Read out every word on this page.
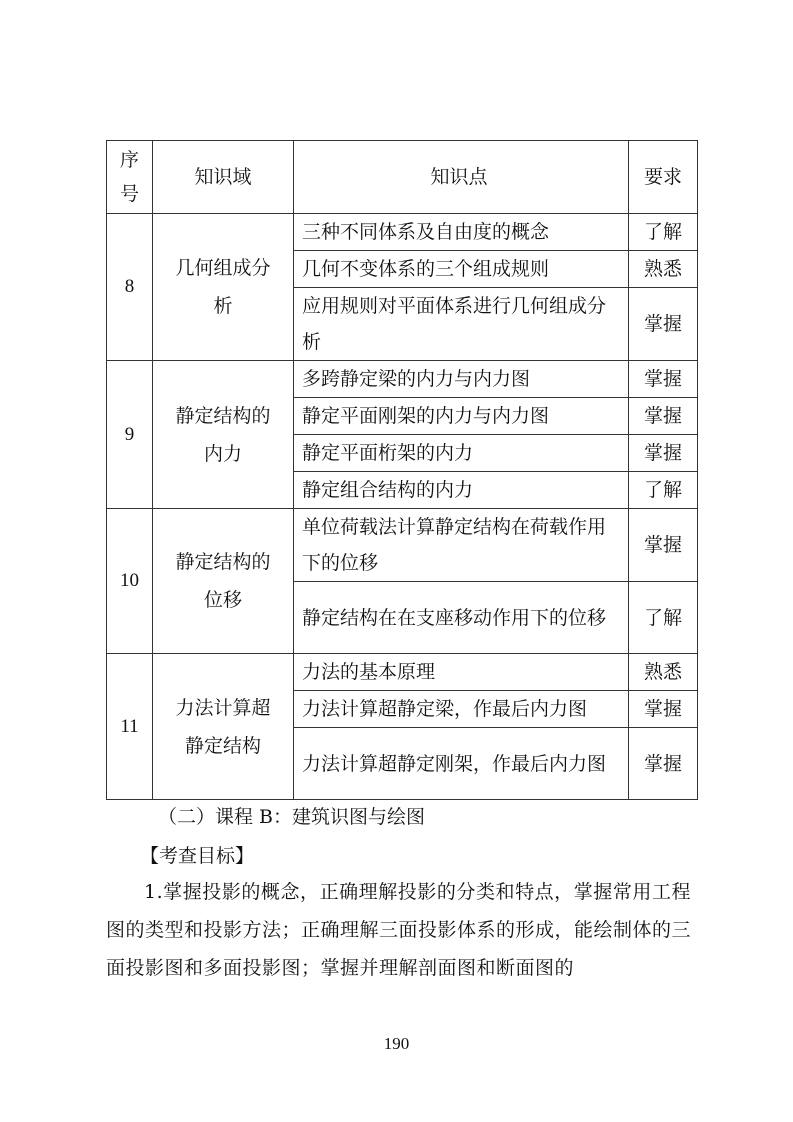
序号	知识域	知识点	要求
8	几何组成分析	三种不同体系及自由度的概念	了解
		几何不变体系的三个组成规则	熟悉

		应用规则对平面体系进行几何组成分析	掌握
9	静定结构的内力	多跨静定梁的内力与内力图	掌握
		静定平面刚架的内力与内力图	掌握
		静定平面桁架的内力	掌握
		静定组合结构的内力	了解
10	静定结构的位移	单位荷载法计算静定结构在荷载作用下的位移	掌握

		静定结构在在支座移动作用下的位移	了解
11	力法计算超静定结构	力法的基本原理	熟悉
		力法计算超静定梁，作最后内力图	掌握

		力法计算超静定刚架，作最后内力图	掌握
（二）课程 B：建筑识图与绘图
【考查目标】
1.掌握投影的概念，正确理解投影的分类和特点，掌握常用工程图的类型和投影方法；正确理解三面投影体系的形成，能绘制体的三面投影图和多面投影图；掌握并理解剖面图和断面图的
190
